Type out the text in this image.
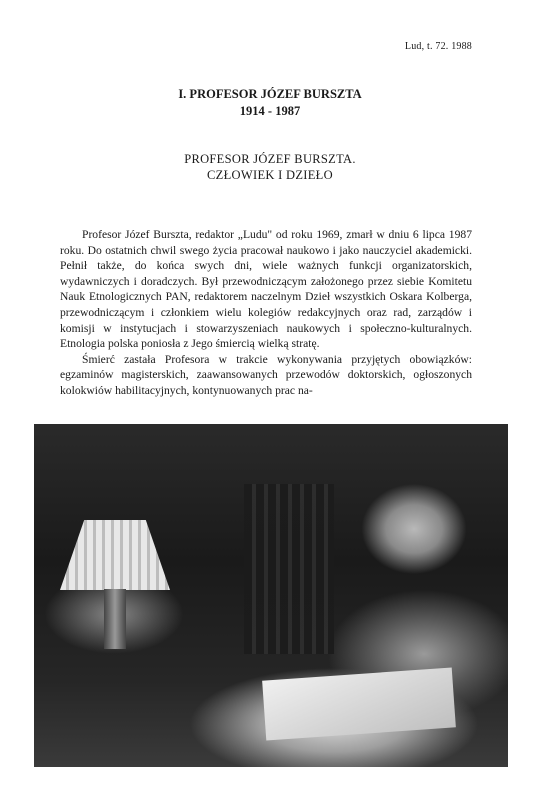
Lud, t. 72. 1988
I. PROFESOR JÓZEF BURSZTA
1914 - 1987
PROFESOR JÓZEF BURSZTA.
CZŁOWIEK I DZIEŁO

Profesor Józef Burszta, redaktor „Ludu" od roku 1969, zmarł w dniu 6 lipca 1987 roku. Do ostatnich chwil swego życia pracował naukowo i jako nauczyciel akademicki. Pełnił także, do końca swych dni, wiele ważnych funkcji organizatorskich, wydawniczych i doradczych. Był przewodniczącym założonego przez siebie Komitetu Nauk Etnologicznych PAN, redaktorem naczelnym Dzieł wszystkich Oskara Kolberga, przewodniczącym i członkiem wielu kolegiów redakcyjnych oraz rad, zarządów i komisji w instytucjach i stowarzyszeniach naukowych i społeczno-kulturalnych. Etnologia polska poniosła z Jego śmiercią wielką stratę.

Śmierć zastała Profesora w trakcie wykonywania przyjętych obowiązków: egzaminów magisterskich, zaawansowanych przewodów doktorskich, ogłoszonych kolokwiów habilitacyjnych, kontynuowanych prac na-
